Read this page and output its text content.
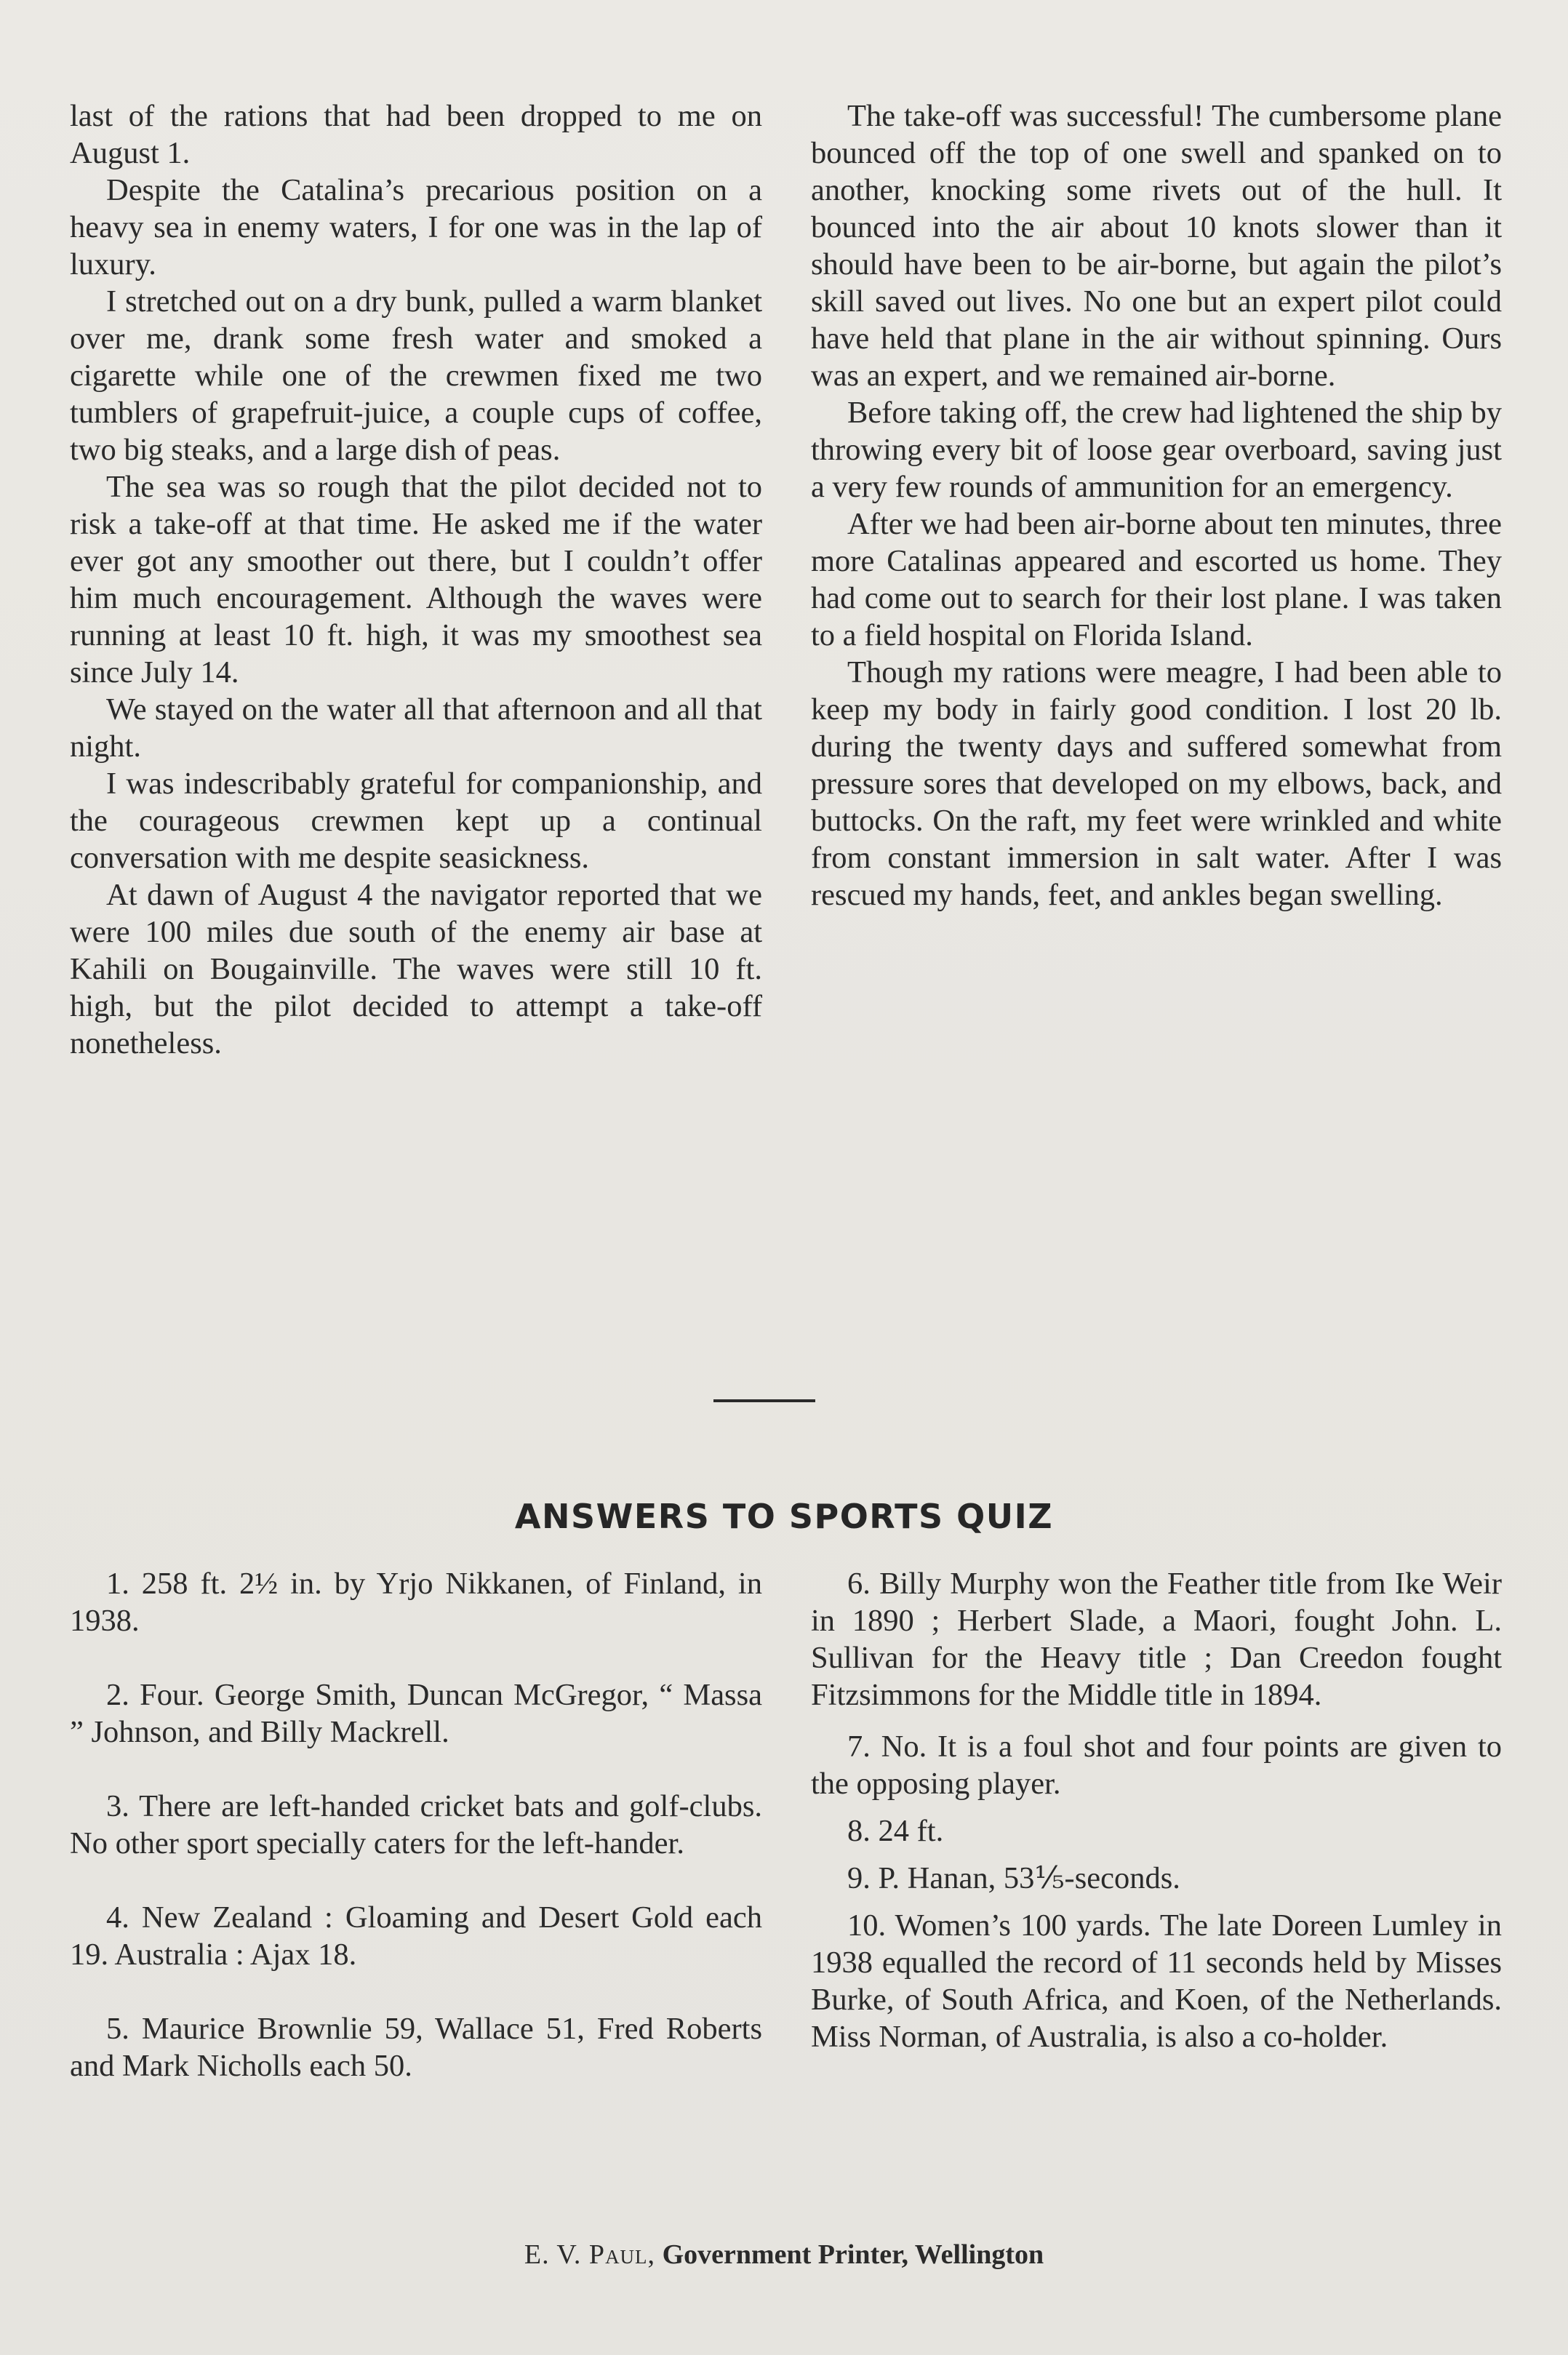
last of the rations that had been dropped to me on August 1.

Despite the Catalina’s precarious position on a heavy sea in enemy waters, I for one was in the lap of luxury.

I stretched out on a dry bunk, pulled a warm blanket over me, drank some fresh water and smoked a cigarette while one of the crewmen fixed me two tumblers of grapefruit-juice, a couple cups of coffee, two big steaks, and a large dish of peas.

The sea was so rough that the pilot decided not to risk a take-off at that time. He asked me if the water ever got any smoother out there, but I couldn’t offer him much encouragement. Although the waves were running at least 10 ft. high, it was my smoothest sea since July 14.

We stayed on the water all that afternoon and all that night.

I was indescribably grateful for companionship, and the courageous crewmen kept up a continual conversation with me despite seasickness.

At dawn of August 4 the navigator reported that we were 100 miles due south of the enemy air base at Kahili on Bougainville. The waves were still 10 ft. high, but the pilot decided to attempt a take-off nonetheless.

The take-off was successful! The cumbersome plane bounced off the top of one swell and spanked on to another, knocking some rivets out of the hull. It bounced into the air about 10 knots slower than it should have been to be air-borne, but again the pilot’s skill saved out lives. No one but an expert pilot could have held that plane in the air without spinning. Ours was an expert, and we remained air-borne.

Before taking off, the crew had lightened the ship by throwing every bit of loose gear overboard, saving just a very few rounds of ammunition for an emergency.

After we had been air-borne about ten minutes, three more Catalinas appeared and escorted us home. They had come out to search for their lost plane. I was taken to a field hospital on Florida Island.

Though my rations were meagre, I had been able to keep my body in fairly good condition. I lost 20 lb. during the twenty days and suffered somewhat from pressure sores that developed on my elbows, back, and buttocks. On the raft, my feet were wrinkled and white from constant immersion in salt water. After I was rescued my hands, feet, and ankles began swelling.

ANSWERS TO SPORTS QUIZ

1. 258 ft. 2½ in. by Yrjo Nikkanen, of Finland, in 1938.

2. Four. George Smith, Duncan McGregor, “ Massa ” Johnson, and Billy Mackrell.

3. There are left-handed cricket bats and golf-clubs. No other sport specially caters for the left-hander.

4. New Zealand : Gloaming and Desert Gold each 19. Australia : Ajax 18.

5. Maurice Brownlie 59, Wallace 51, Fred Roberts and Mark Nicholls each 50.

6. Billy Murphy won the Feather title from Ike Weir in 1890 ; Herbert Slade, a Maori, fought John. L. Sullivan for the Heavy title ; Dan Creedon fought Fitzsimmons for the Middle title in 1894.

7. No. It is a foul shot and four points are given to the opposing player.

8. 24 ft.

9. P. Hanan, 53⅕-seconds.

10. Women’s 100 yards. The late Doreen Lumley in 1938 equalled the record of 11 seconds held by Misses Burke, of South Africa, and Koen, of the Netherlands. Miss Norman, of Australia, is also a co-holder.

E. V. Paul, Government Printer, Wellington
